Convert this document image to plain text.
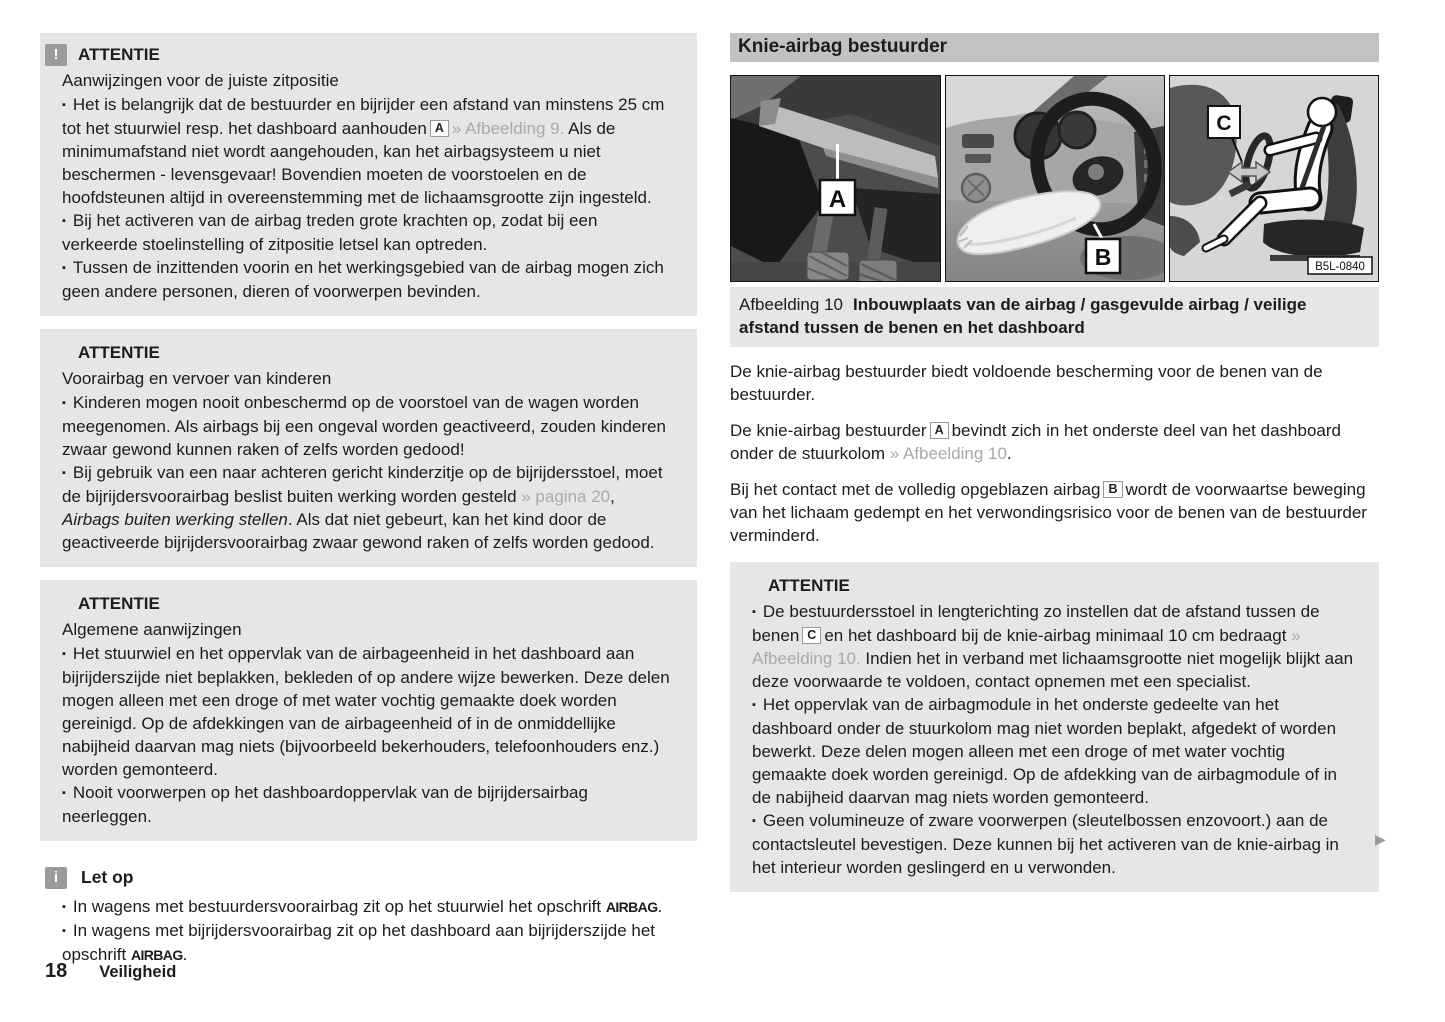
!	ATTENTIE
Aanwijzingen voor de juiste zitpositie
▪ Het is belangrijk dat de bestuurder en bijrijder een afstand van minstens 25 cm tot het stuurwiel resp. het dashboard aanhouden A » Afbeelding 9. Als de minimumafstand niet wordt aangehouden, kan het airbagsysteem u niet beschermen - levensgevaar! Bovendien moeten de voorstoelen en de hoofdsteunen altijd in overeenstemming met de lichaamsgrootte zijn ingesteld.
▪ Bij het activeren van de airbag treden grote krachten op, zodat bij een verkeerde stoelinstelling of zitpositie letsel kan optreden.
▪ Tussen de inzittenden voorin en het werkingsgebied van de airbag mogen zich geen andere personen, dieren of voorwerpen bevinden.
ATTENTIE
Voorairbag en vervoer van kinderen
▪ Kinderen mogen nooit onbeschermd op de voorstoel van de wagen worden meegenomen. Als airbags bij een ongeval worden geactiveerd, zouden kinderen zwaar gewond kunnen raken of zelfs worden gedood!
▪ Bij gebruik van een naar achteren gericht kinderzitje op de bijrijdersstoel, moet de bijrijdersvoorairbag beslist buiten werking worden gesteld » pagina 20, Airbags buiten werking stellen. Als dat niet gebeurt, kan het kind door de geactiveerde bijrijdersvoorairbag zwaar gewond raken of zelfs worden gedood.
ATTENTIE
Algemene aanwijzingen
▪ Het stuurwiel en het oppervlak van de airbageenheid in het dashboard aan bijrijderszijde niet beplakken, bekleden of op andere wijze bewerken. Deze delen mogen alleen met een droge of met water vochtig gemaakte doek worden gereinigd. Op de afdekkingen van de airbageenheid of in de onmiddellijke nabijheid daarvan mag niets (bijvoorbeeld bekerhouders, telefoonhouders enz.) worden gemonteerd.
▪ Nooit voorwerpen op het dashboardoppervlak van de bijrijdersairbag neerleggen.
i	Let op
▪ In wagens met bestuurdersvoorairbag zit op het stuurwiel het opschrift AIRBAG.
▪ In wagens met bijrijdersvoorairbag zit op het dashboard aan bijrijderszijde het opschrift AIRBAG.
Knie-airbag bestuurder
A
B
C
B5L-0840
Afbeelding 10 Inbouwplaats van de airbag / gasgevulde airbag / veilige afstand tussen de benen en het dashboard
De knie-airbag bestuurder biedt voldoende bescherming voor de benen van de bestuurder.
De knie-airbag bestuurder A bevindt zich in het onderste deel van het dashboard onder de stuurkolom » Afbeelding 10.
Bij het contact met de volledig opgeblazen airbag B wordt de voorwaartse beweging van het lichaam gedempt en het verwondingsrisico voor de benen van de bestuurder verminderd.
ATTENTIE
▪ De bestuurdersstoel in lengterichting zo instellen dat de afstand tussen de benen C en het dashboard bij de knie-airbag minimaal 10 cm bedraagt » Afbeelding 10. Indien het in verband met lichaamsgrootte niet mogelijk blijkt aan deze voorwaarde te voldoen, contact opnemen met een specialist.
▪ Het oppervlak van de airbagmodule in het onderste gedeelte van het dashboard onder de stuurkolom mag niet worden beplakt, afgedekt of worden bewerkt. Deze delen mogen alleen met een droge of met water vochtig gemaakte doek worden gereinigd. Op de afdekking van de airbagmodule of in de nabijheid daarvan mag niets worden gemonteerd.
▪ Geen volumineuze of zware voorwerpen (sleutelbossen enzovoort.) aan de contactsleutel bevestigen. Deze kunnen bij het activeren van de knie-airbag in het interieur worden geslingerd en u verwonden.
▶
18 Veiligheid
